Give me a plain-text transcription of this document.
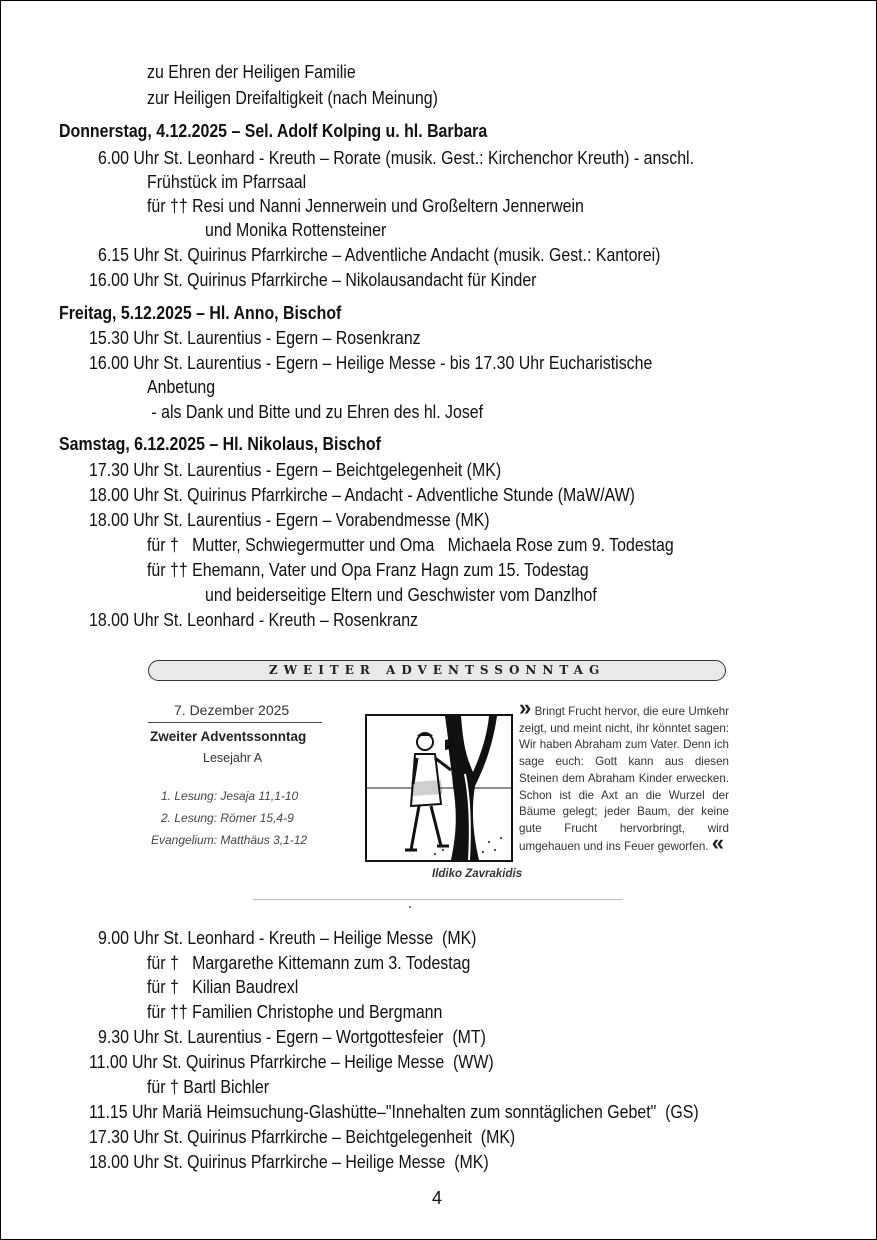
zu Ehren der Heiligen Familie
zur Heiligen Dreifaltigkeit (nach Meinung)
Donnerstag, 4.12.2025 – Sel. Adolf Kolping u. hl. Barbara
6.00 Uhr St. Leonhard - Kreuth – Rorate (musik. Gest.: Kirchenchor Kreuth) - anschl.
Frühstück im Pfarrsaal
für †† Resi und Nanni Jennerwein und Großeltern Jennerwein
und Monika Rottensteiner
6.15 Uhr St. Quirinus Pfarrkirche – Adventliche Andacht (musik. Gest.: Kantorei)
16.00 Uhr St. Quirinus Pfarrkirche – Nikolausandacht für Kinder
Freitag, 5.12.2025 – Hl. Anno, Bischof
15.30 Uhr St. Laurentius - Egern – Rosenkranz
16.00 Uhr St. Laurentius - Egern – Heilige Messe - bis 17.30 Uhr Eucharistische
Anbetung
- als Dank und Bitte und zu Ehren des hl. Josef
Samstag, 6.12.2025 – Hl. Nikolaus, Bischof
17.30 Uhr St. Laurentius - Egern – Beichtgelegenheit (MK)
18.00 Uhr St. Quirinus Pfarrkirche – Andacht - Adventliche Stunde (MaW/AW)
18.00 Uhr St. Laurentius - Egern – Vorabendmesse (MK)
für †   Mutter, Schwiegermutter und Oma   Michaela Rose zum 9. Todestag
für †† Ehemann, Vater und Opa Franz Hagn zum 15. Todestag
und beiderseitige Eltern und Geschwister vom Danzlhof
18.00 Uhr St. Leonhard - Kreuth – Rosenkranz
ZWEITER ADVENTSSONNTAG
7. Dezember 2025
Zweiter Adventssonntag
Lesejahr A
1. Lesung: Jesaja 11,1-10
2. Lesung: Römer 15,4-9
Evangelium: Matthäus 3,1-12
Ildiko Zavrakidis
» Bringt Frucht hervor, die eure Umkehr zeigt, und meint nicht, ihr könntet sagen: Wir haben Abraham zum Vater. Denn ich sage euch: Gott kann aus diesen Steinen dem Abraham Kinder erwecken. Schon ist die Axt an die Wurzel der Bäume gelegt; jeder Baum, der keine gute Frucht hervorbringt, wird umgehauen und ins Feuer geworfen. «
9.00 Uhr St. Leonhard - Kreuth – Heilige Messe  (MK)
für †   Margarethe Kittemann zum 3. Todestag
für †   Kilian Baudrexl
für †† Familien Christophe und Bergmann
9.30 Uhr St. Laurentius - Egern – Wortgottesfeier  (MT)
11.00 Uhr St. Quirinus Pfarrkirche – Heilige Messe  (WW)
für † Bartl Bichler
11.15 Uhr Mariä Heimsuchung-Glashütte–"Innehalten zum sonntäglichen Gebet"  (GS)
17.30 Uhr St. Quirinus Pfarrkirche – Beichtgelegenheit  (MK)
18.00 Uhr St. Quirinus Pfarrkirche – Heilige Messe  (MK)
4
